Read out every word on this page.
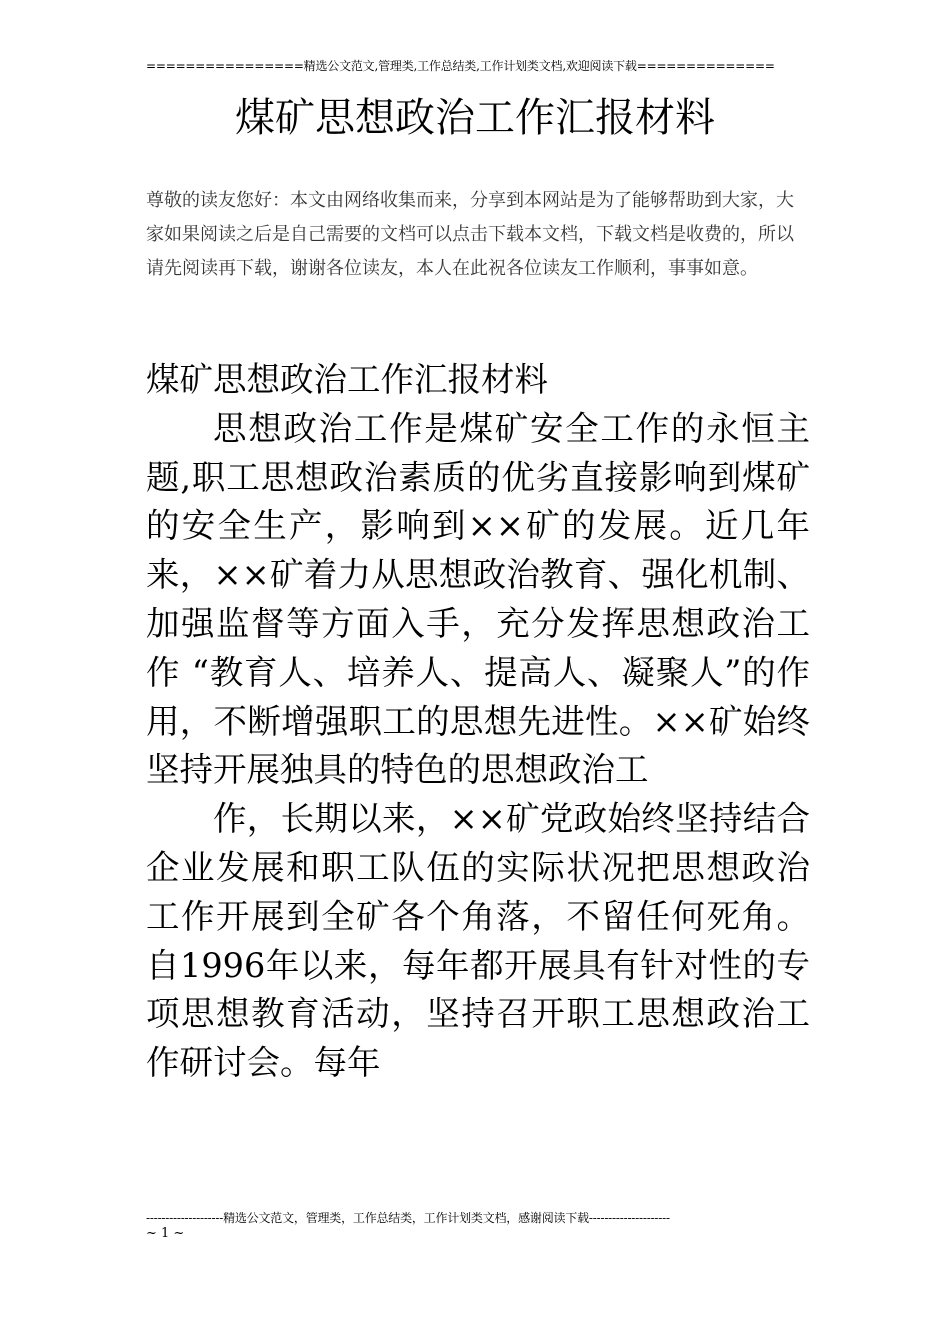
================精选公文范文,管理类,工作总结类,工作计划类文档,欢迎阅读下载==============
煤矿思想政治工作汇报材料

尊敬的读友您好：本文由网络收集而来，分享到本网站是为了能够帮助到大家，大家如果阅读之后是自己需要的文档可以点击下载本文档，下载文档是收费的，所以请先阅读再下载，谢谢各位读友，本人在此祝各位读友工作顺利，事事如意。

煤矿思想政治工作汇报材料
思想政治工作是煤矿安全工作的永恒主题,职工思想政治素质的优劣直接影响到煤矿的安全生产，影响到××矿的发展。近几年来，××矿着力从思想政治教育、强化机制、加强监督等方面入手，充分发挥思想政治工作 “教育人、培养人、提高人、凝聚人”的作用，不断增强职工的思想先进性。××矿始终坚持开展独具的特色的思想政治工
作，长期以来，××矿党政始终坚持结合企业发展和职工队伍的实际状况把思想政治工作开展到全矿各个角落，不留任何死角。自1996年以来，每年都开展具有针对性的专项思想教育活动，坚持召开职工思想政治工作研讨会。每年
--------------------精选公文范文，管理类，工作总结类，工作计划类文档，感谢阅读下载---------------------
~ 1 ~
